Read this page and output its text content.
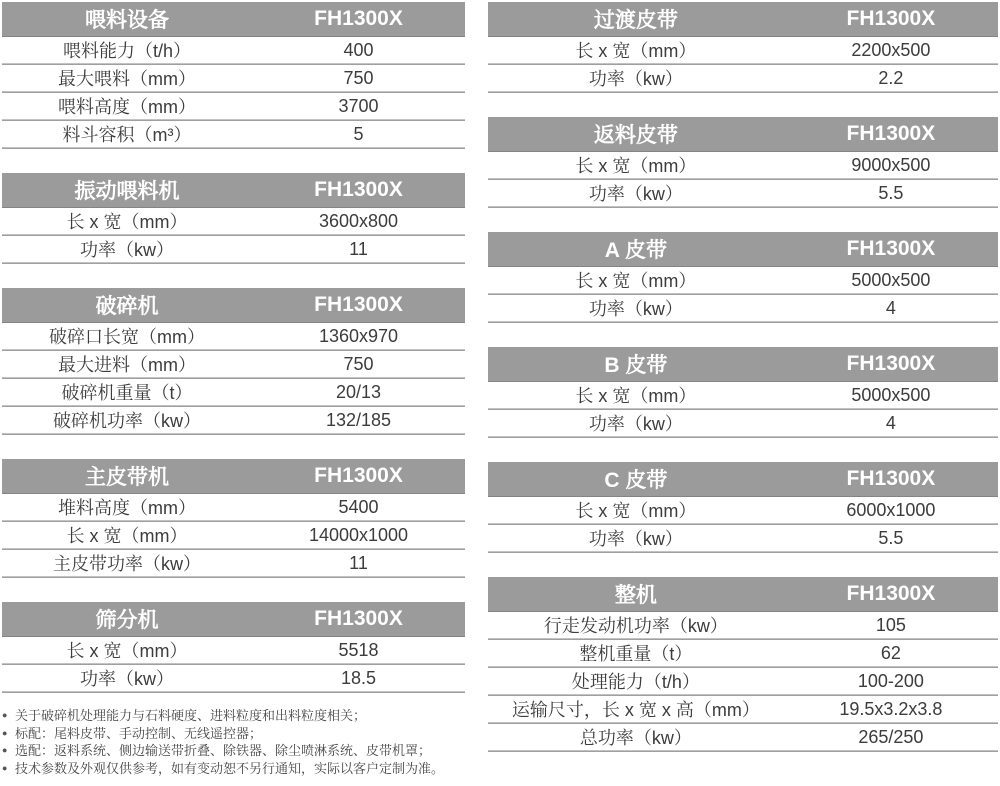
喂料设备	FH1300X
喂料能力（t/h）	400
最大喂料（mm）	750
喂料高度（mm）	3700
料斗容积（m³）	5
振动喂料机	FH1300X
长 x 宽（mm）	3600x800
功率（kw）	11
破碎机	FH1300X
破碎口长宽（mm）	1360x970
最大进料（mm）	750
破碎机重量（t）	20/13
破碎机功率（kw）	132/185
主皮带机	FH1300X
堆料高度（mm）	5400
长 x 宽（mm）	14000x1000
主皮带功率（kw）	11
筛分机	FH1300X
长 x 宽（mm）	5518
功率（kw）	18.5
● 关于破碎机处理能力与石料硬度、进料粒度和出料粒度相关；
● 标配：尾料皮带、手动控制、无线遥控器；
● 选配：返料系统、侧边输送带折叠、除铁器、除尘喷淋系统、皮带机罩；
● 技术参数及外观仅供参考，如有变动恕不另行通知，实际以客户定制为准。
过渡皮带	FH1300X
长 x 宽（mm）	2200x500
功率（kw）	2.2
返料皮带	FH1300X
长 x 宽（mm）	9000x500
功率（kw）	5.5
A 皮带	FH1300X
长 x 宽（mm）	5000x500
功率（kw）	4
B 皮带	FH1300X
长 x 宽（mm）	5000x500
功率（kw）	4
C 皮带	FH1300X
长 x 宽（mm）	6000x1000
功率（kw）	5.5
整机	FH1300X
行走发动机功率（kw）	105
整机重量（t）	62
处理能力（t/h）	100-200
运输尺寸，长 x 宽 x 高（mm）	19.5x3.2x3.8
总功率（kw）	265/250
